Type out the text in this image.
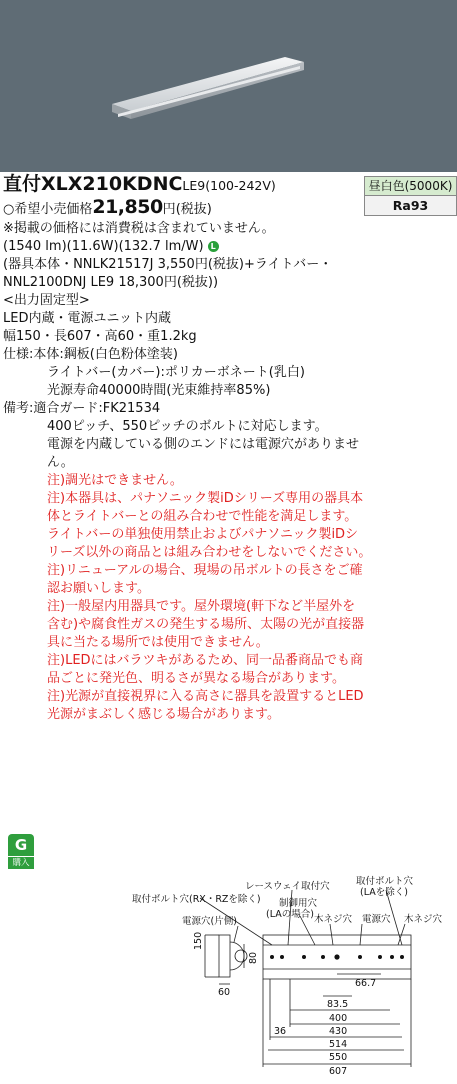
直付XLX210KDNCLE9(100-242V)	昼白色(5000K)
Ra93
○希望小売価格21,850円(税抜)
※掲載の価格には消費税は含まれていません。
(1540 lm)(11.6W)(132.7 lm/W) L
(器具本体・NNLK21517J 3,550円(税抜)+ライトバー・
NNL2100DNJ LE9 18,300円(税抜))
<出力固定型>
LED内蔵・電源ユニット内蔵
幅150・長607・高60・重1.2kg
仕様:本体:鋼板(白色粉体塗装)
ライトバー(カバー):ポリカーボネート(乳白)
光源寿命40000時間(光束維持率85%)
備考:適合ガード:FK21534
400ピッチ、550ピッチのボルトに対応します。
電源を内蔵している側のエンドには電源穴がありませ
ん。
注)調光はできません。
注)本器具は、パナソニック製iDシリーズ専用の器具本
体とライトバーとの組み合わせで性能を満足します。
ライトバーの単独使用禁止およびパナソニック製iDシ
リーズ以外の商品とは組み合わせをしないでください。
注)リニューアルの場合、現場の吊ボルトの長さをご確
認お願いします。
注)一般屋内用器具です。屋外環境(軒下など半屋外を
含む)や腐食性ガスの発生する場所、太陽の光が直接器
具に当たる場所では使用できません。
注)LEDにはバラツキがあるため、同一品番商品でも商
品ごとに発光色、明るさが異なる場合があります。
注)光源が直接視界に入る高さに器具を設置するとLED
光源がまぶしく感じる場合があります。
G
購入
取付ボルト穴(RX・RZを除く)
レースウェイ取付穴	取付ボルト穴
(LAを除く)
制御用穴
(LAの場合)
電源穴(片側)	木ネジ穴 電源穴 木ネジ穴
150
80
60
66.7
83.5
400
36	430
514
550
607
